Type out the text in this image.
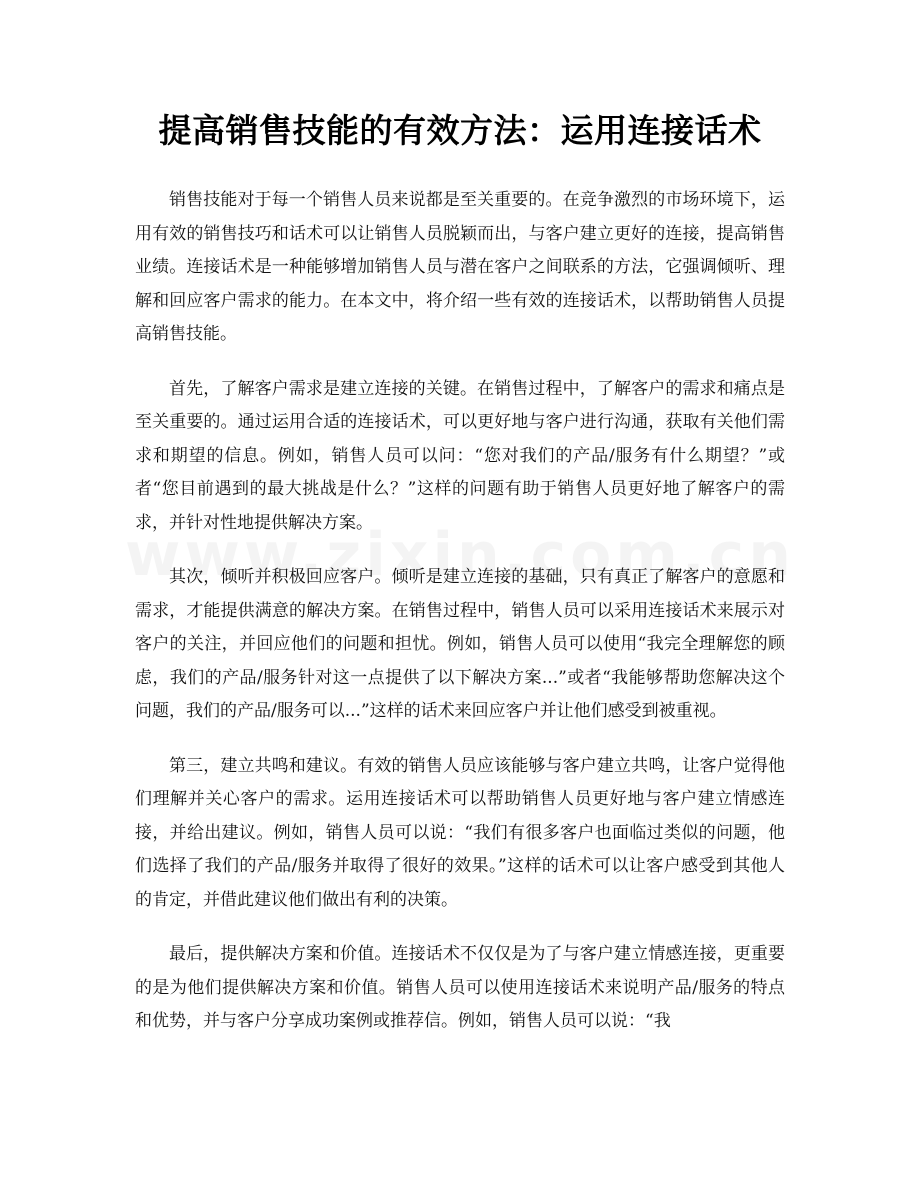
提高销售技能的有效方法：运用连接话术

销售技能对于每一个销售人员来说都是至关重要的。在竞争激烈的市场环境下，运用有效的销售技巧和话术可以让销售人员脱颖而出，与客户建立更好的连接，提高销售业绩。连接话术是一种能够增加销售人员与潜在客户之间联系的方法，它强调倾听、理解和回应客户需求的能力。在本文中，将介绍一些有效的连接话术，以帮助销售人员提高销售技能。

首先，了解客户需求是建立连接的关键。在销售过程中，了解客户的需求和痛点是至关重要的。通过运用合适的连接话术，可以更好地与客户进行沟通，获取有关他们需求和期望的信息。例如，销售人员可以问：“您对我们的产品/服务有什么期望？”或者“您目前遇到的最大挑战是什么？”这样的问题有助于销售人员更好地了解客户的需求，并针对性地提供解决方案。

其次，倾听并积极回应客户。倾听是建立连接的基础，只有真正了解客户的意愿和需求，才能提供满意的解决方案。在销售过程中，销售人员可以采用连接话术来展示对客户的关注，并回应他们的问题和担忧。例如，销售人员可以使用“我完全理解您的顾虑，我们的产品/服务针对这一点提供了以下解决方案...”或者“我能够帮助您解决这个问题，我们的产品/服务可以...”这样的话术来回应客户并让他们感受到被重视。

第三，建立共鸣和建议。有效的销售人员应该能够与客户建立共鸣，让客户觉得他们理解并关心客户的需求。运用连接话术可以帮助销售人员更好地与客户建立情感连接，并给出建议。例如，销售人员可以说：“我们有很多客户也面临过类似的问题，他们选择了我们的产品/服务并取得了很好的效果。”这样的话术可以让客户感受到其他人的肯定，并借此建议他们做出有利的决策。

最后，提供解决方案和价值。连接话术不仅仅是为了与客户建立情感连接，更重要的是为他们提供解决方案和价值。销售人员可以使用连接话术来说明产品/服务的特点和优势，并与客户分享成功案例或推荐信。例如，销售人员可以说：“我
